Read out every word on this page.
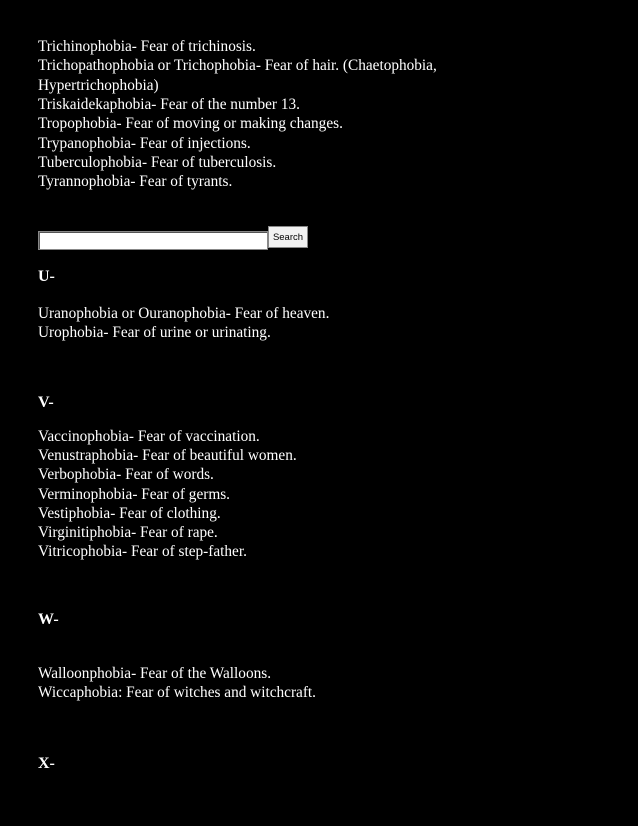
Trichinophobia- Fear of trichinosis.
Trichopathophobia or Trichophobia- Fear of hair. (Chaetophobia, Hypertrichophobia)
Triskaidekaphobia- Fear of the number 13.
Tropophobia- Fear of moving or making changes.
Trypanophobia- Fear of injections.
Tuberculophobia- Fear of tuberculosis.
Tyrannophobia- Fear of tyrants.
Search
U-
Uranophobia or Ouranophobia- Fear of heaven.
Urophobia- Fear of urine or urinating.
V-
Vaccinophobia- Fear of vaccination.
Venustraphobia- Fear of beautiful women.
Verbophobia- Fear of words.
Verminophobia- Fear of germs.
Vestiphobia- Fear of clothing.
Virginitiphobia- Fear of rape.
Vitricophobia- Fear of step-father.
W-
Walloonphobia- Fear of the Walloons.
Wiccaphobia: Fear of witches and witchcraft.
X-
